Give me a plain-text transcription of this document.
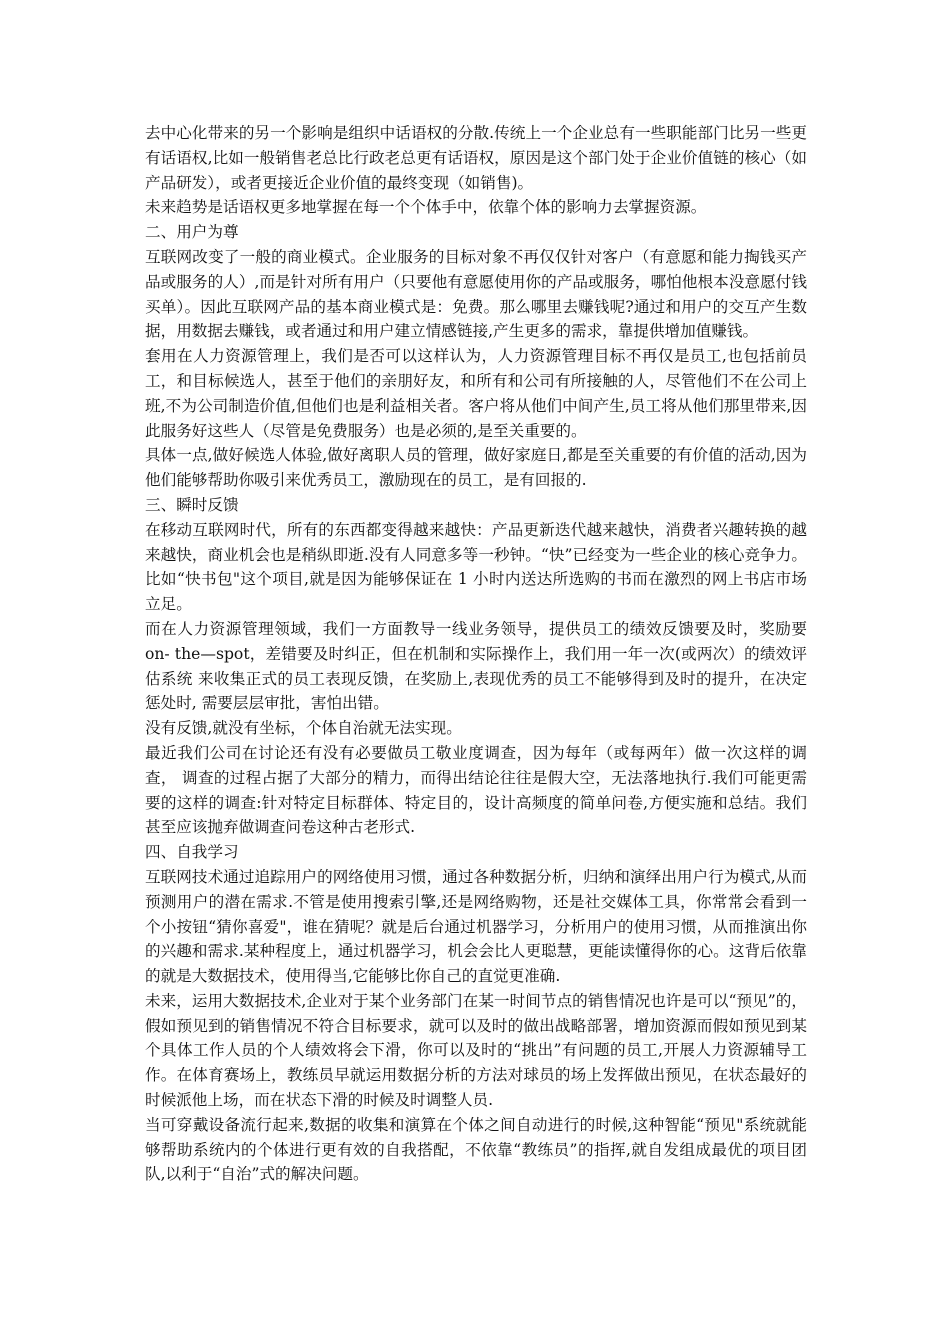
去中心化带来的另一个影响是组织中话语权的分散.传统上一个企业总有一些职能部门比另一些更有话语权,比如一般销售老总比行政老总更有话语权，原因是这个部门处于企业价值链的核心（如产品研发），或者更接近企业价值的最终变现（如销售)。

未来趋势是话语权更多地掌握在每一个个体手中，依靠个体的影响力去掌握资源。

二、用户为尊

互联网改变了一般的商业模式。企业服务的目标对象不再仅仅针对客户（有意愿和能力掏钱买产品或服务的人）,而是针对所有用户（只要他有意愿使用你的产品或服务，哪怕他根本没意愿付钱买单）。因此互联网产品的基本商业模式是：免费。那么哪里去赚钱呢?通过和用户的交互产生数据，用数据去赚钱，或者通过和用户建立情感链接,产生更多的需求，靠提供增加值赚钱。

套用在人力资源管理上，我们是否可以这样认为，人力资源管理目标不再仅是员工,也包括前员工，和目标候选人，甚至于他们的亲朋好友，和所有和公司有所接触的人，尽管他们不在公司上班,不为公司制造价值,但他们也是利益相关者。客户将从他们中间产生,员工将从他们那里带来,因此服务好这些人（尽管是免费服务）也是必须的,是至关重要的。

具体一点,做好候选人体验,做好离职人员的管理，做好家庭日,都是至关重要的有价值的活动,因为他们能够帮助你吸引来优秀员工，激励现在的员工，是有回报的.

三、瞬时反馈

在移动互联网时代，所有的东西都变得越来越快：产品更新迭代越来越快，消费者兴趣转换的越来越快，商业机会也是稍纵即逝.没有人同意多等一秒钟。“快”已经变为一些企业的核心竞争力。比如“快书包"这个项目,就是因为能够保证在 1 小时内送达所选购的书而在激烈的网上书店市场立足。

而在人力资源管理领域，我们一方面教导一线业务领导，提供员工的绩效反馈要及时，奖励要 on- the—spot，差错要及时纠正，但在机制和实际操作上，我们用一年一次(或两次）的绩效评估系统 来收集正式的员工表现反馈，在奖励上,表现优秀的员工不能够得到及时的提升，在决定惩处时, 需要层层审批，害怕出错。

没有反馈,就没有坐标，个体自治就无法实现。

最近我们公司在讨论还有没有必要做员工敬业度调查，因为每年（或每两年）做一次这样的调查， 调查的过程占据了大部分的精力，而得出结论往往是假大空，无法落地执行.我们可能更需要的这样的调查:针对特定目标群体、特定目的，设计高频度的简单问卷,方便实施和总结。我们甚至应该抛弃做调查问卷这种古老形式.

四、自我学习

互联网技术通过追踪用户的网络使用习惯，通过各种数据分析，归纳和演绎出用户行为模式,从而预测用户的潜在需求.不管是使用搜索引擎,还是网络购物，还是社交媒体工具，你常常会看到一个小按钮“猜你喜爱"，谁在猜呢？就是后台通过机器学习，分析用户的使用习惯，从而推演出你的兴趣和需求.某种程度上，通过机器学习，机会会比人更聪慧，更能读懂得你的心。这背后依靠的就是大数据技术，使用得当,它能够比你自己的直觉更准确.

未来，运用大数据技术,企业对于某个业务部门在某一时间节点的销售情况也许是可以“预见”的，假如预见到的销售情况不符合目标要求，就可以及时的做出战略部署，增加资源而假如预见到某个具体工作人员的个人绩效将会下滑，你可以及时的“挑出”有问题的员工,开展人力资源辅导工作。在体育赛场上，教练员早就运用数据分析的方法对球员的场上发挥做出预见，在状态最好的时候派他上场，而在状态下滑的时候及时调整人员.

当可穿戴设备流行起来,数据的收集和演算在个体之间自动进行的时候,这种智能“预见"系统就能够帮助系统内的个体进行更有效的自我搭配，不依靠“教练员”的指挥,就自发组成最优的项目团队,以利于“自治”式的解决问题。
